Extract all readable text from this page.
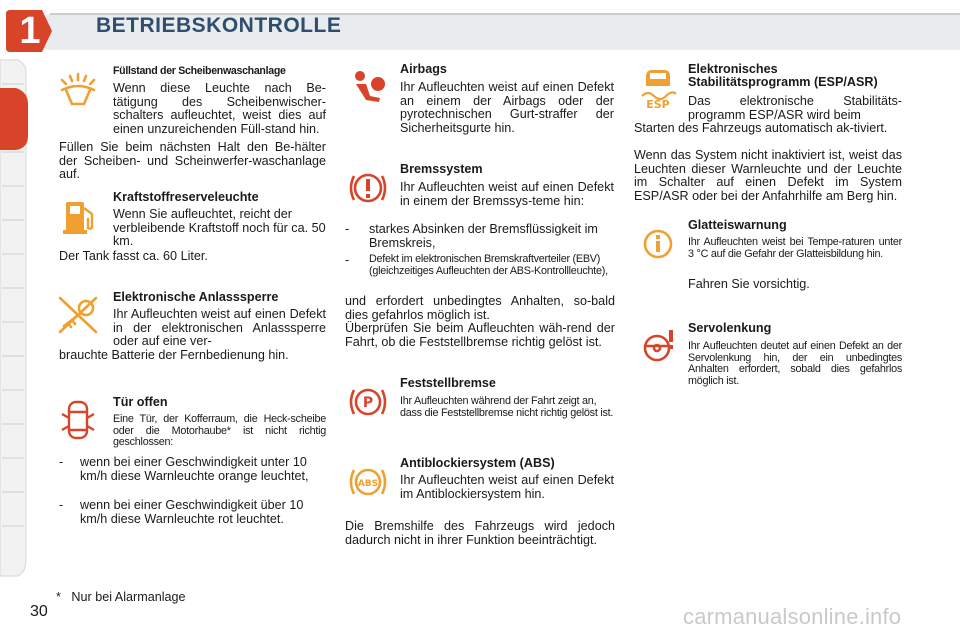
1	BETRIEBSKONTROLLE
Füllstand der Scheibenwaschanlage
Wenn diese Leuchte nach Be-tätigung des Scheibenwischer-schalters aufleuchtet, weist dies auf einen unzureichenden Füll-stand hin.
Füllen Sie beim nächsten Halt den Be-hälter der Scheiben- und Scheinwerfer-waschanlage auf.
Kraftstoffreserveleuchte
Wenn Sie aufleuchtet, reicht der verbleibende Kraftstoff noch für ca. 50 km.
Der Tank fasst ca. 60 Liter.
Elektronische Anlasssperre
Ihr Aufleuchten weist auf einen Defekt in der elektronischen Anlasssperre oder auf eine ver-
brauchte Batterie der Fernbedienung hin.
Tür offen
Eine Tür, der Kofferraum, die Heck-scheibe oder die Motorhaube* ist nicht richtig geschlossen:
- wenn bei einer Geschwindigkeit unter 10 km/h diese Warnleuchte orange leuchtet,
- wenn bei einer Geschwindigkeit über 10 km/h diese Warnleuchte rot leuchtet.
Airbags
Ihr Aufleuchten weist auf einen Defekt an einem der Airbags oder der pyrotechnischen Gurt-straffer der Sicherheitsgurte hin.
Bremssystem
Ihr Aufleuchten weist auf einen Defekt in einem der Bremssys-teme hin:
- starkes Absinken der Bremsflüssigkeit im Bremskreis,
- Defekt im elektronischen Bremskraftverteiler (EBV) (gleichzeitiges Aufleuchten der ABS-Kontrollleuchte),
und erfordert unbedingtes Anhalten, so-bald dies gefahrlos möglich ist.
Überprüfen Sie beim Aufleuchten wäh-rend der Fahrt, ob die Feststellbremse richtig gelöst ist.
P
Feststellbremse
Ihr Aufleuchten während der Fahrt zeigt an, dass die Feststellbremse nicht richtig gelöst ist.
ABS
Antiblockiersystem (ABS)
Ihr Aufleuchten weist auf einen Defekt im Antiblockiersystem hin.
Die Bremshilfe des Fahrzeugs wird jedoch dadurch nicht in ihrer Funktion beeinträchtigt.
ESP
Elektronisches
Stabilitätsprogramm (ESP/ASR)
Das elektronische Stabilitäts-programm ESP/ASR wird beim
Starten des Fahrzeugs automatisch ak-tiviert.
Wenn das System nicht inaktiviert ist, weist das Leuchten dieser Warnleuchte und der Leuchte im Schalter auf einen Defekt im System ESP/ASR oder bei der Anfahrhilfe am Berg hin.
Glatteiswarnung
Ihr Aufleuchten weist bei Tempe-raturen unter 3 °C auf die Gefahr der Glatteisbildung hin.
Fahren Sie vorsichtig.
Servolenkung
Ihr Aufleuchten deutet auf einen Defekt an der Servolenkung hin, der ein unbedingtes Anhalten erfordert, sobald dies gefahrlos möglich ist.
* Nur bei Alarmanlage
30	carmanualsonline.info
